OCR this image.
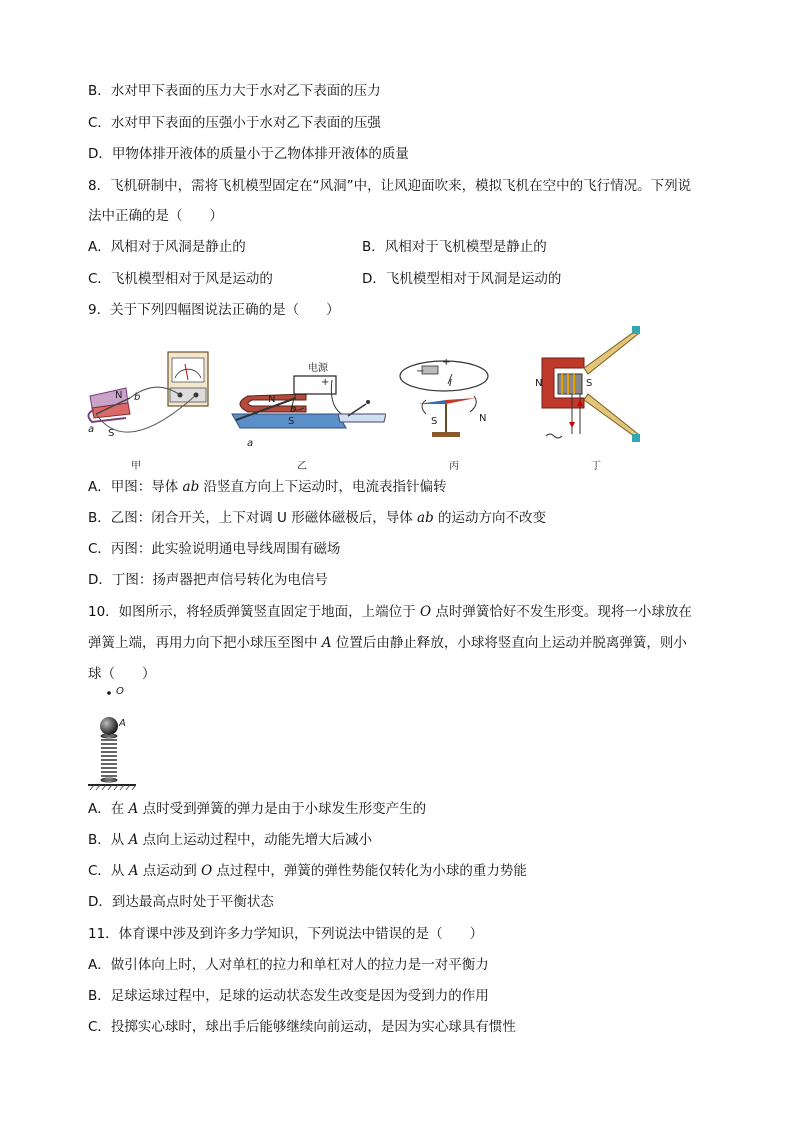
B．水对甲下表面的压力大于水对乙下表面的压力
C．水对甲下表面的压强小于水对乙下表面的压强
D．甲物体排开液体的质量小于乙物体排开液体的质量
8．飞机研制中，需将飞机模型固定在“风洞”中，让风迎面吹来，模拟飞机在空中的飞行情况。下列说
法中正确的是（　　）
A．风相对于风洞是静止的	B．风相对于飞机模型是静止的
C．飞机模型相对于风是运动的	D．飞机模型相对于风洞是运动的
9．关于下列四幅图说法正确的是（　　）
N b
a S
甲
电源
+
N
b
S
a
乙
−
+
I
S	N
丙
N	S
丁
A．甲图：导体 ab 沿竖直方向上下运动时，电流表指针偏转
B．乙图：闭合开关，上下对调 U 形磁体磁极后，导体 ab 的运动方向不改变
C．丙图：此实验说明通电导线周围有磁场
D．丁图：扬声器把声信号转化为电信号
10．如图所示，将轻质弹簧竖直固定于地面，上端位于 O 点时弹簧恰好不发生形变。现将一小球放在
弹簧上端，再用力向下把小球压至图中 A 位置后由静止释放，小球将竖直向上运动并脱离弹簧，则小
球（　　）
O
A
A．在 A 点时受到弹簧的弹力是由于小球发生形变产生的
B．从 A 点向上运动过程中，动能先增大后减小
C．从 A 点运动到 O 点过程中，弹簧的弹性势能仅转化为小球的重力势能
D．到达最高点时处于平衡状态
11．体育课中涉及到许多力学知识，下列说法中错误的是（　　）
A．做引体向上时，人对单杠的拉力和单杠对人的拉力是一对平衡力
B．足球运球过程中，足球的运动状态发生改变是因为受到力的作用
C．投掷实心球时，球出手后能够继续向前运动，是因为实心球具有惯性
